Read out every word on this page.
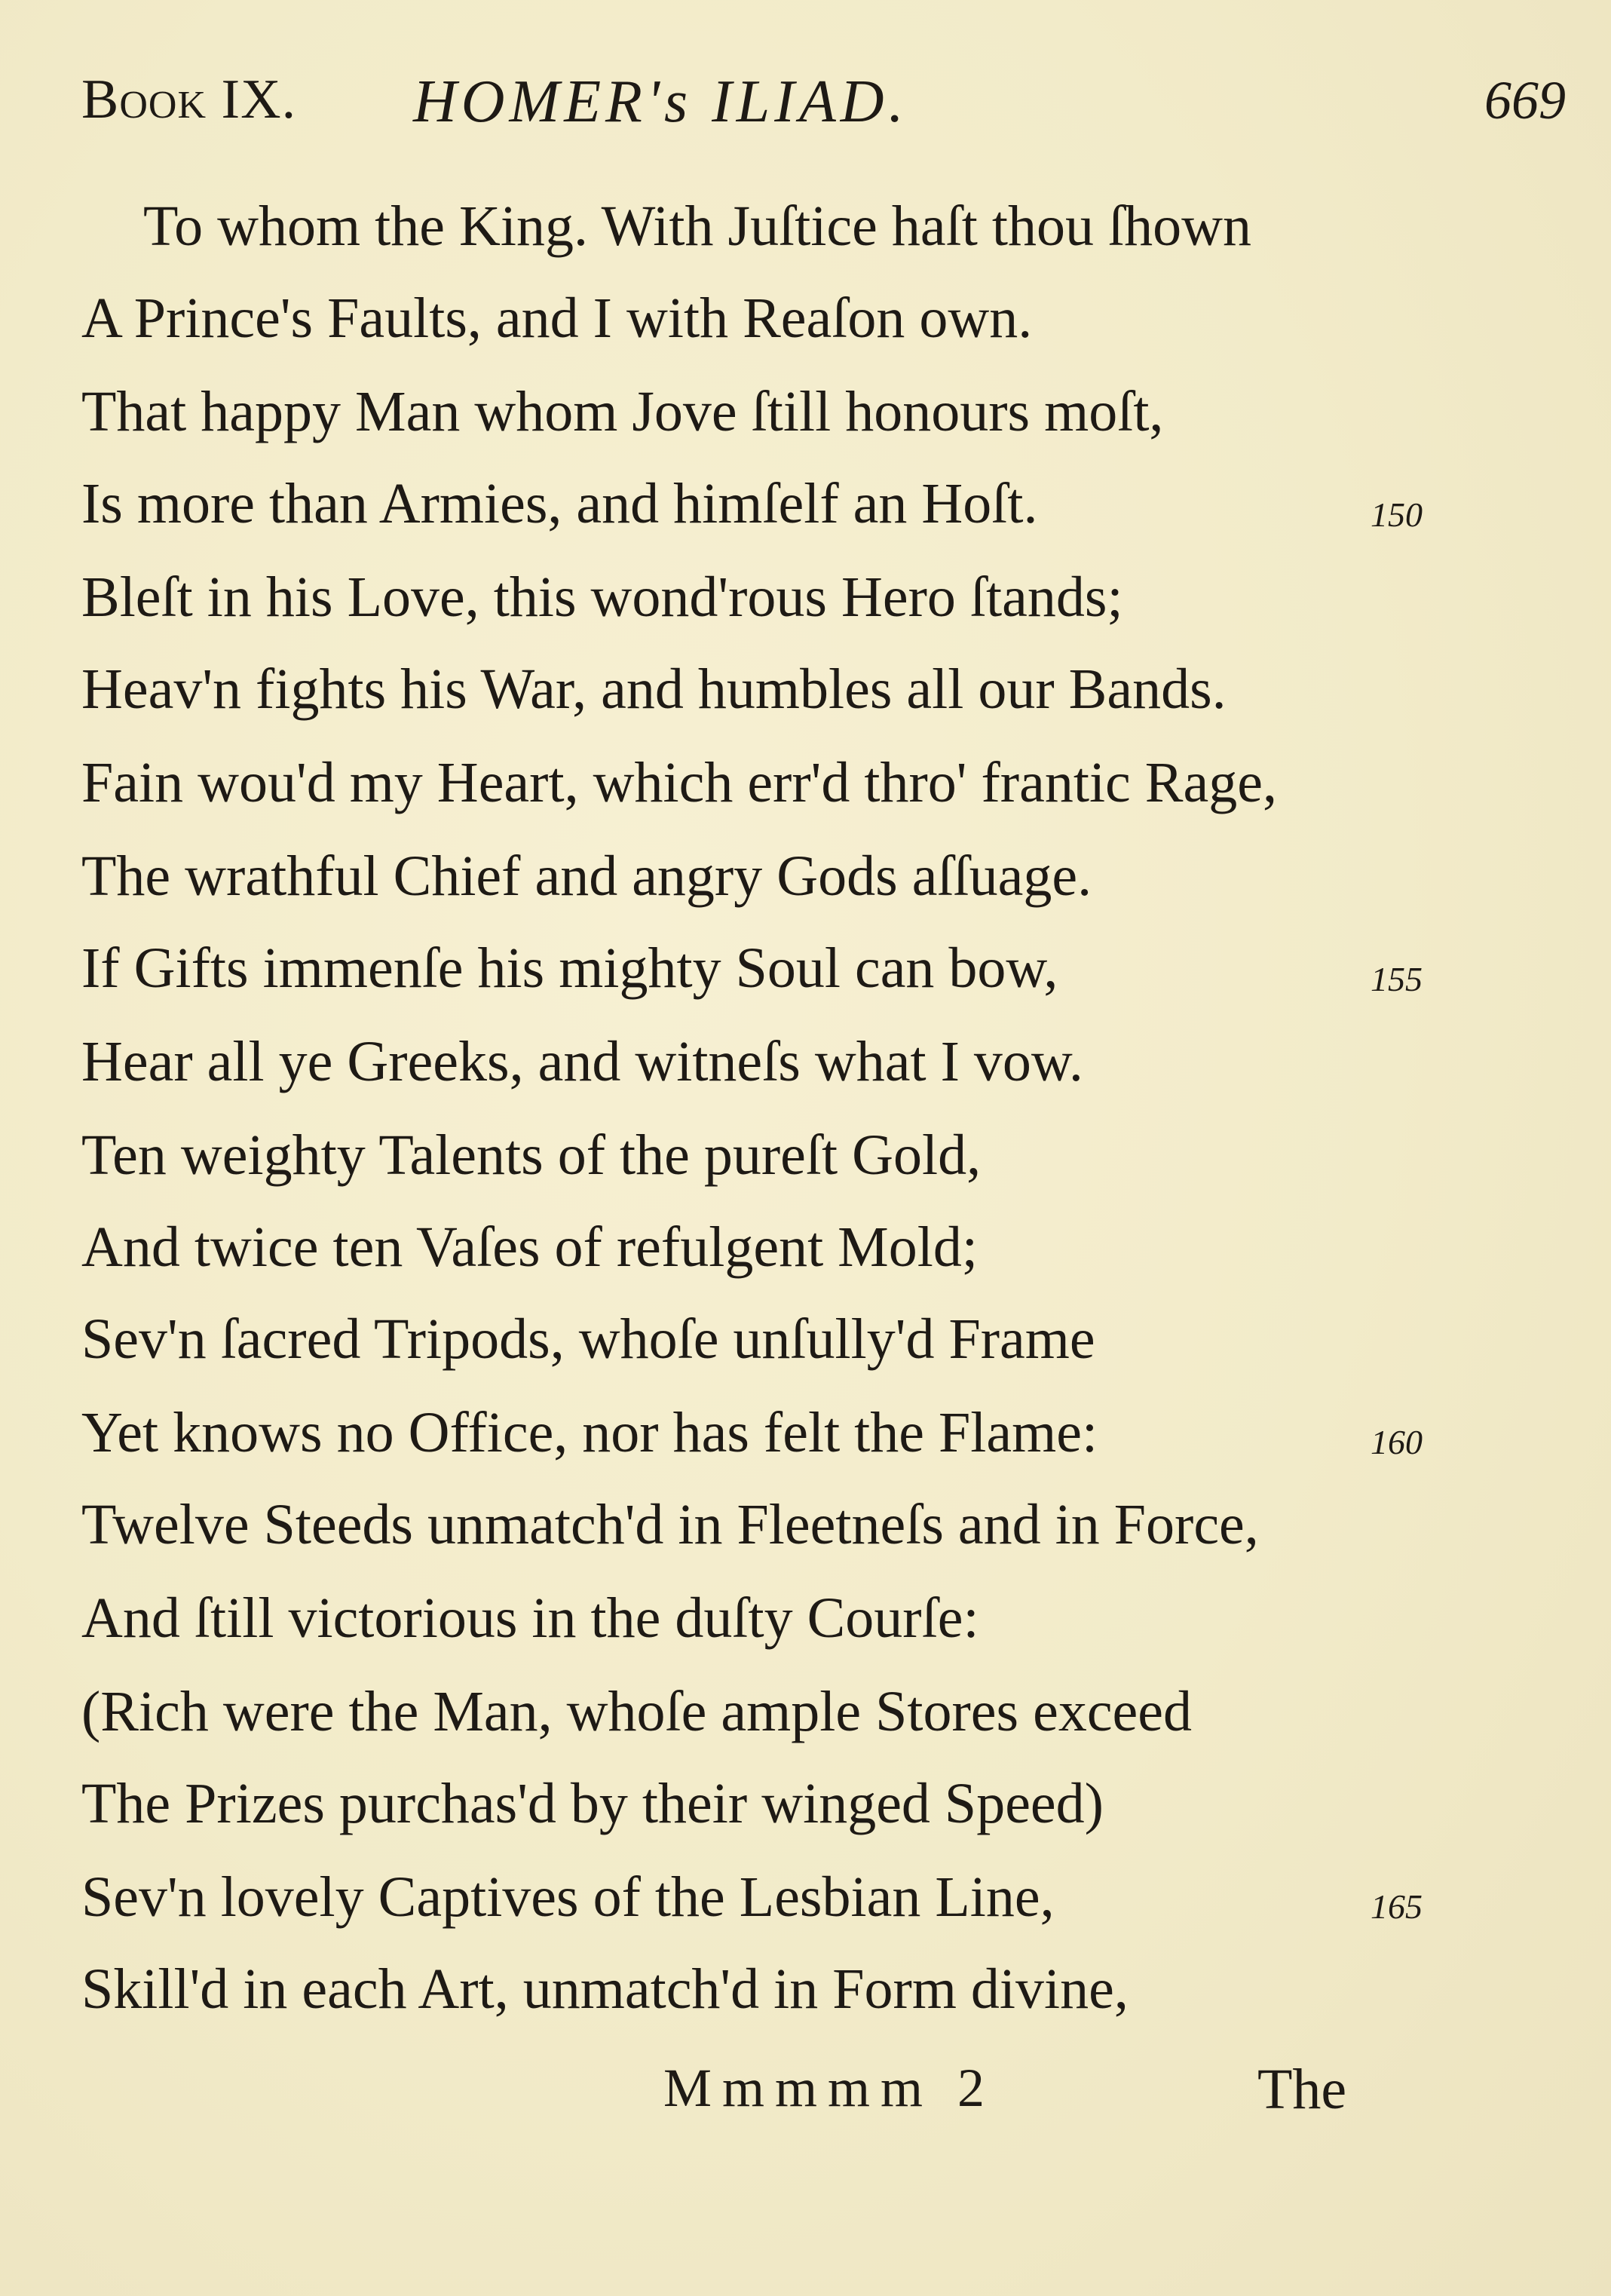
Book IX. HOMER's ILIAD.	669
To whom the King. With Juſtice haſt thou ſhown
A Prince's Faults, and I with Reaſon own.
That happy Man whom Jove ſtill honours moſt,
Is more than Armies, and himſelf an Hoſt.	150
Bleſt in his Love, this wond'rous Hero ſtands;
Heav'n fights his War, and humbles all our Bands.
Fain wou'd my Heart, which err'd thro' frantic Rage,
The wrathful Chief and angry Gods aſſuage.
If Gifts immenſe his mighty Soul can bow,	155
Hear all ye Greeks, and witneſs what I vow.
Ten weighty Talents of the pureſt Gold,
And twice ten Vaſes of refulgent Mold;
Sev'n ſacred Tripods, whoſe unſully'd Frame
Yet knows no Office, nor has felt the Flame:	160
Twelve Steeds unmatch'd in Fleetneſs and in Force,
And ſtill victorious in the duſty Courſe:
(Rich were the Man, whoſe ample Stores exceed
The Prizes purchas'd by their winged Speed)
Sev'n lovely Captives of the Lesbian Line,	165
Skill'd in each Art, unmatch'd in Form divine,
Mmmmm 2	The
